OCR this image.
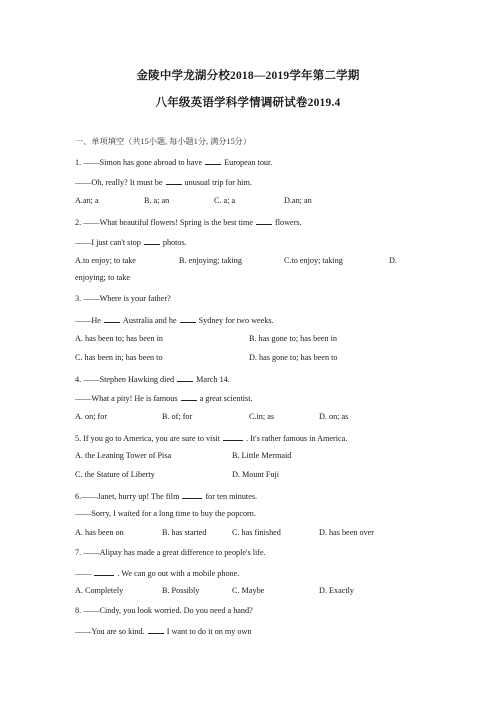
金陵中学龙湖分校2018—2019学年第二学期
八年级英语学科学情调研试卷2019.4
一、单项填空（共15小题, 每小题1分, 满分15分）
1. ——Simon has gone abroad to have	European tour.
——Oh, really? It must be	unusual trip for him.
A.an; a	B. a; an	C. a; a	D.an; an
2. ——What beautiful flowers! Spring is the best time	flowers.
——I just can't stop	photos.
A.to enjoy; to take	B. enjoying; taking	C.to enjoy; taking	D.
enjoying; to take
3. ——Where is your father?
——He	Australia and he	Sydney for two weeks.
A. has been to; has been in	B. has gone to; has been in
C. has been in; has been to	D. has gone to; has been to
4. ——Stephen Hawking died	March 14.
——What a pity! He is famous	a great scientist.
A. on; for	B. of; for	C.in; as	D. on; as
5. If you go to America, you are sure to visit	. It's rather famous in America.
A. the Leaning Tower of Pisa	B. Little Mermaid
C. the Stature of Liberty	D. Mount Fuji
6.——Janet, hurry up! The film	for ten minutes.
——Sorry, I waited for a long time to buy the popcorn.
A. has been on	B. has started	C. has finished	D. has been over
7. ——Alipay has made a great difference to people's life.
——	. We can go out with a mobile phone.
A. Completely	B. Possibly	C. Maybe	D. Exactly
8. ——Cindy, you look worried. Do you need a hand?
——You are so kind.	I want to do it on my own
